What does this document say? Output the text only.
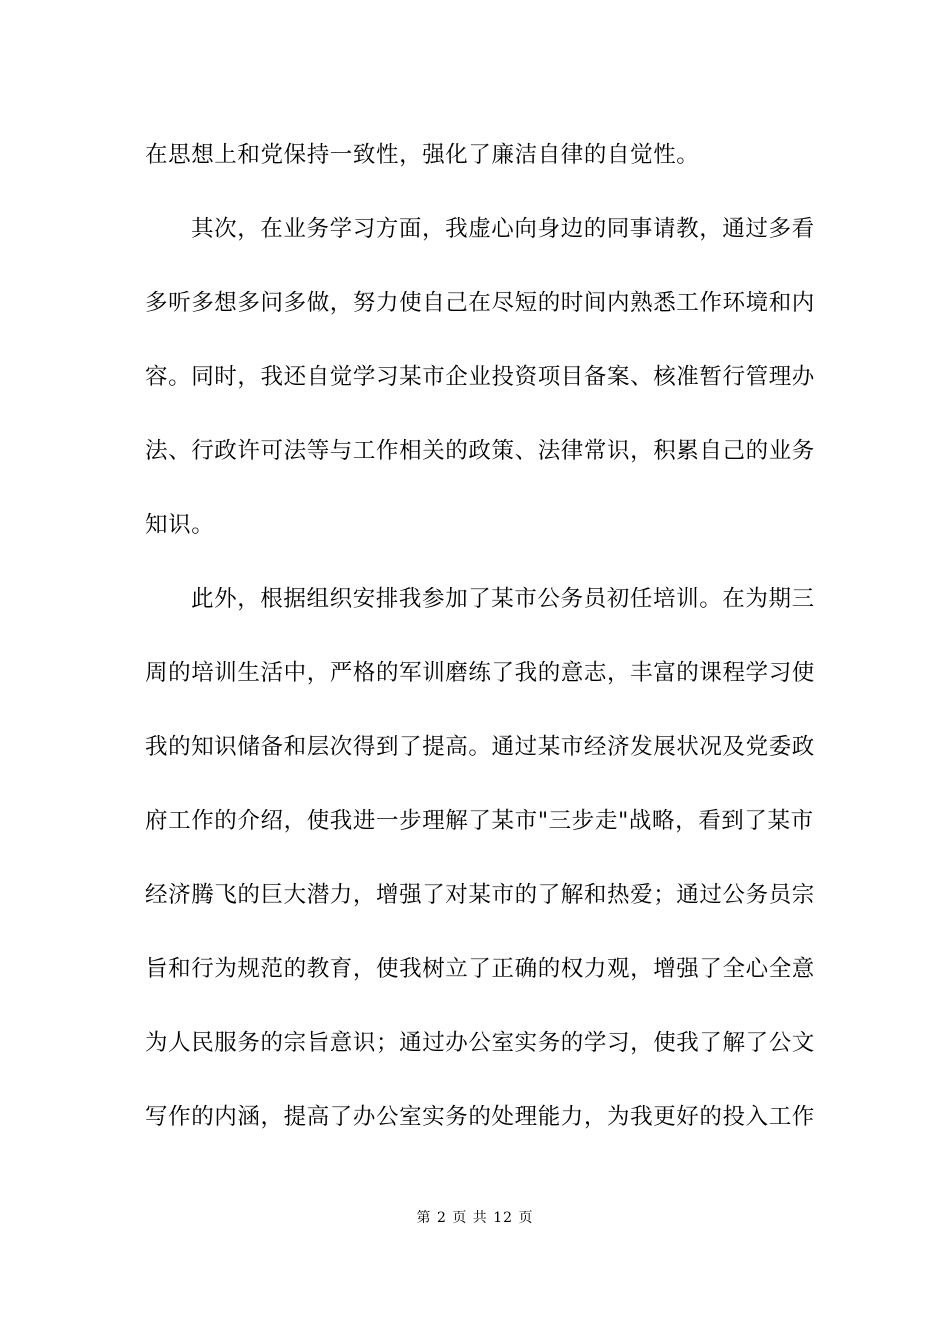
在思想上和党保持一致性，强化了廉洁自律的自觉性。
其次，在业务学习方面，我虚心向身边的同事请教，通过多看
多听多想多问多做，努力使自己在尽短的时间内熟悉工作环境和内
容。同时，我还自觉学习某市企业投资项目备案、核准暂行管理办
法、行政许可法等与工作相关的政策、法律常识，积累自己的业务
知识。
此外，根据组织安排我参加了某市公务员初任培训。在为期三
周的培训生活中，严格的军训磨练了我的意志，丰富的课程学习使
我的知识储备和层次得到了提高。通过某市经济发展状况及党委政
府工作的介绍，使我进一步理解了某市"三步走"战略，看到了某市
经济腾飞的巨大潜力，增强了对某市的了解和热爱；通过公务员宗
旨和行为规范的教育，使我树立了正确的权力观，增强了全心全意
为人民服务的宗旨意识；通过办公室实务的学习，使我了解了公文
写作的内涵，提高了办公室实务的处理能力，为我更好的投入工作
第 2 页 共 12 页
